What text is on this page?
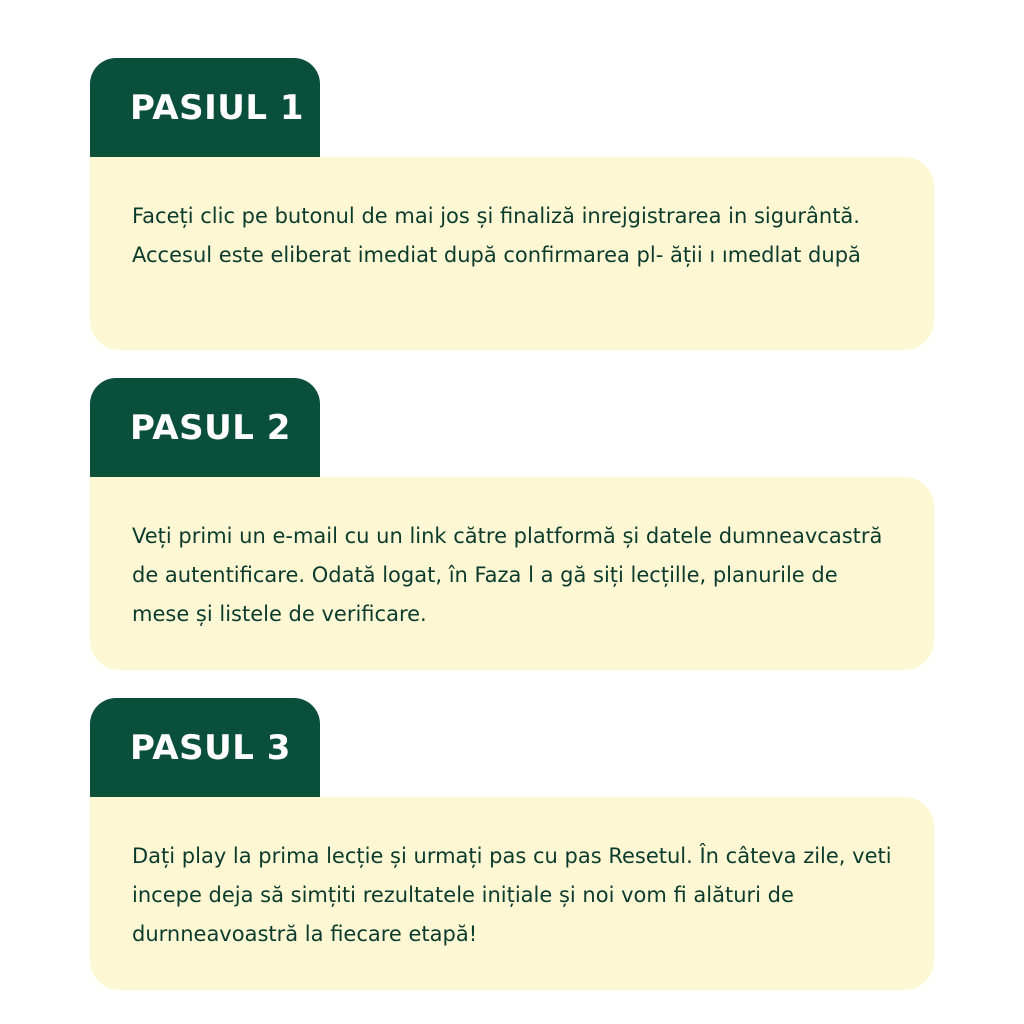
PASIUL 1

Faceți clic pe butonul de mai jos și finaliză inrejgistrarea in sigurântă. Accesul este eliberat imediat după confirmarea pl- ății ı ımedlat după

PASUL 2

Veți primi un e-mail cu un link către platformă și datele dumneavcastră de autentificare. Odată logat, în Faza l a gă siți lecțille, planurile de mese și listele de verificare.

PASUL 3

Dați play la prima lecție și urmați pas cu pas Resetul. În câteva zile, veti incepe deja să simțiti rezultatele inițiale și noi vom fi alături de durnneavoastră la fiecare etapă!
